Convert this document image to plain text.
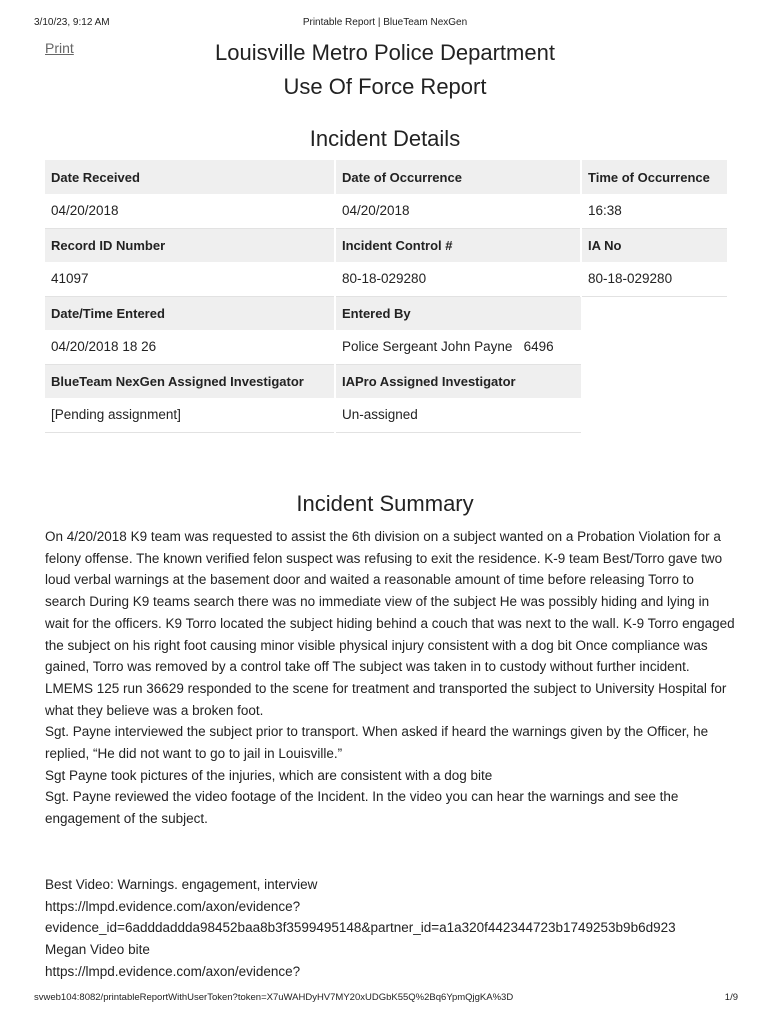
3/10/23, 9:12 AM	Printable Report | BlueTeam NexGen
Print	Louisville Metro Police Department
Use Of Force Report
Incident Details
Date Received	Date of Occurrence	Time of Occurrence
04/20/2018	04/20/2018	16:38
Record ID Number	Incident Control #	IA No
41097	80-18-029280	80-18-029280
Date/Time Entered	Entered By	
04/20/2018 18 26	Police Sergeant John Payne   6496	
BlueTeam NexGen Assigned Investigator	IAPro Assigned Investigator	
[Pending assignment]	Un-assigned	
Incident Summary

On 4/20/2018 K9 team was requested to assist the 6th division on a subject wanted on a Probation Violation for a felony offense. The known verified felon suspect was refusing to exit the residence. K-9 team Best/Torro gave two loud verbal warnings at the basement door and waited a reasonable amount of time before releasing Torro to search During K9 teams search there was no immediate view of the subject He was possibly hiding and lying in wait for the officers. K9 Torro located the subject hiding behind a couch that was next to the wall. K-9 Torro engaged the subject on his right foot causing minor visible physical injury consistent with a dog bit Once compliance was gained, Torro was removed by a control take off The subject was taken in to custody without further incident. LMEMS 125 run 36629 responded to the scene for treatment and transported the subject to University Hospital for what they believe was a broken foot.

Sgt. Payne interviewed the subject prior to transport. When asked if heard the warnings given by the Officer, he replied, “He did not want to go to jail in Louisville.”

Sgt Payne took pictures of the injuries, which are consistent with a dog bite

Sgt. Payne reviewed the video footage of the Incident. In the video you can hear the warnings and see the engagement of the subject.

Best Video: Warnings. engagement, interview
https://lmpd.evidence.com/axon/evidence?
evidence_id=6adddaddda98452baa8b3f3599495148&partner_id=a1a320f442344723b1749253b9b6d923
Megan Video bite
https://lmpd.evidence.com/axon/evidence?
svweb104:8082/printableReportWithUserToken?token=X7uWAHDyHV7MY20xUDGbK55Q%2Bq6YpmQjgKA%3D	1/9
